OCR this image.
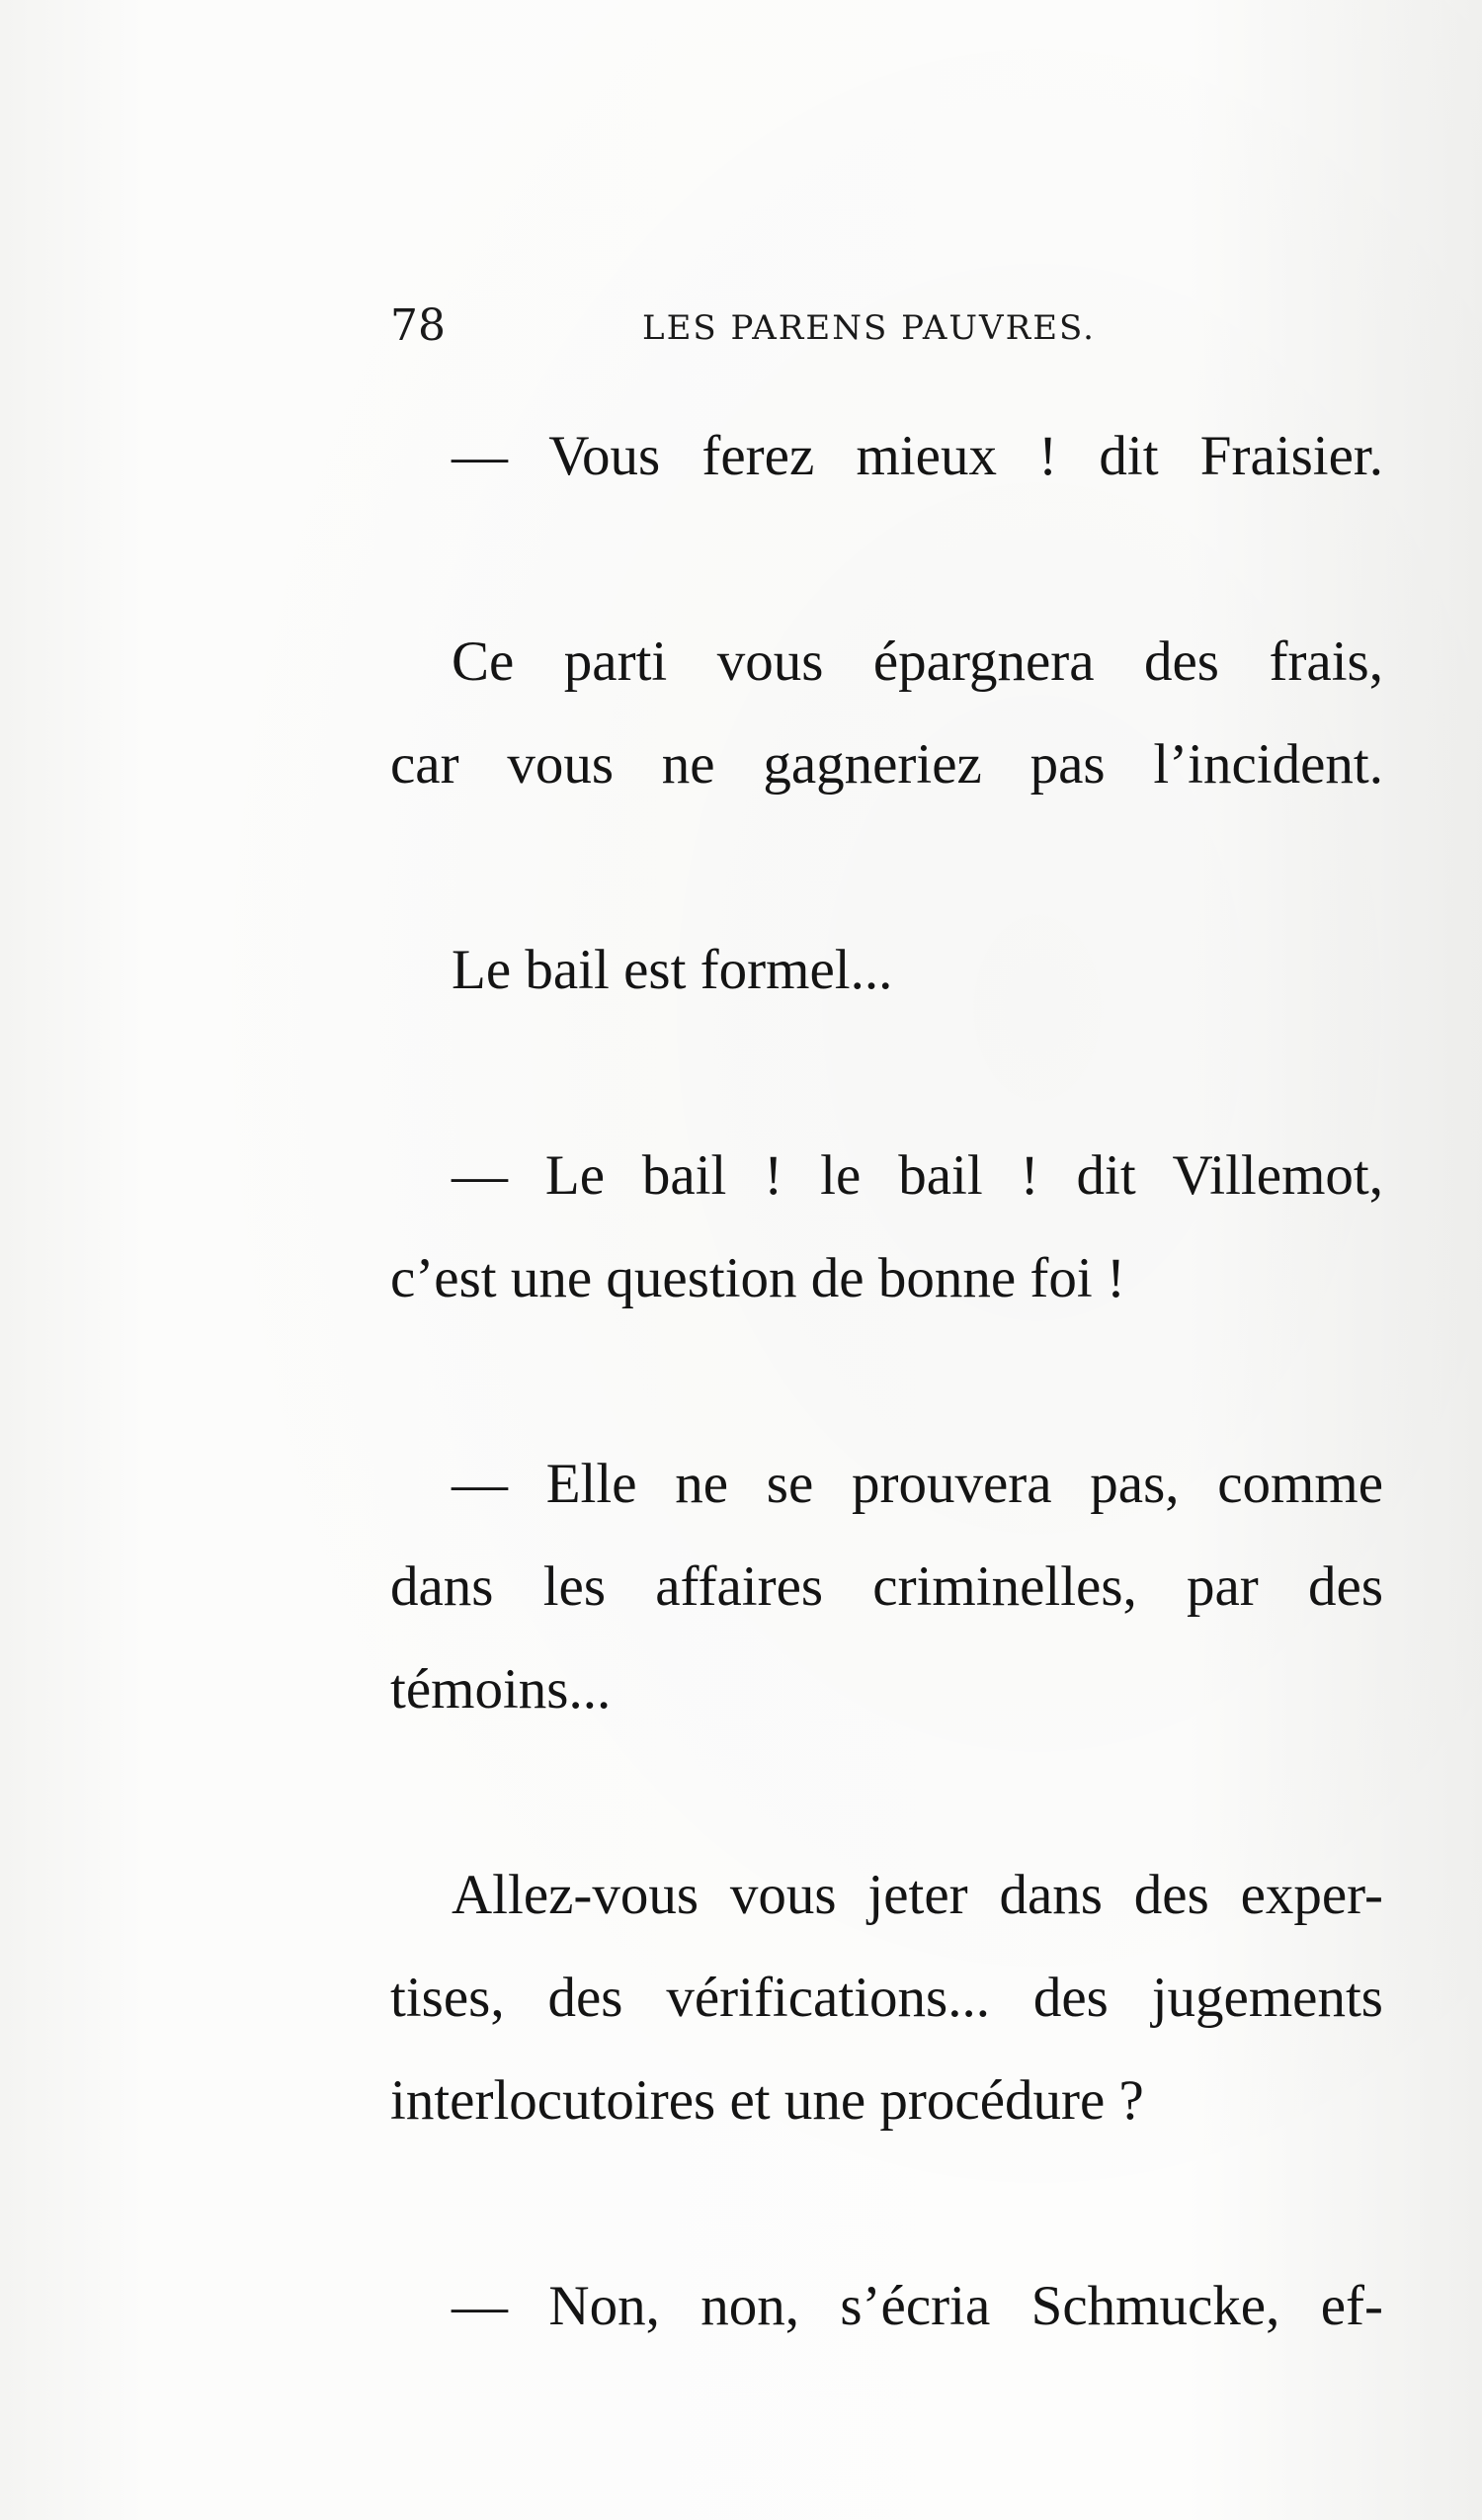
78	LES PARENS PAUVRES.
— Vous ferez mieux ! dit Fraisier.
Ce parti vous épargnera des frais,
car vous ne gagneriez pas l’incident.
Le bail est formel...
— Le bail ! le bail ! dit Villemot,
c’est une question de bonne foi !
— Elle ne se prouvera pas, comme
dans les affaires criminelles, par des
témoins...
Allez-vous vous jeter dans des exper-
tises, des vérifications... des jugements
interlocutoires et une procédure ?
— Non, non, s’écria Schmucke, ef-
